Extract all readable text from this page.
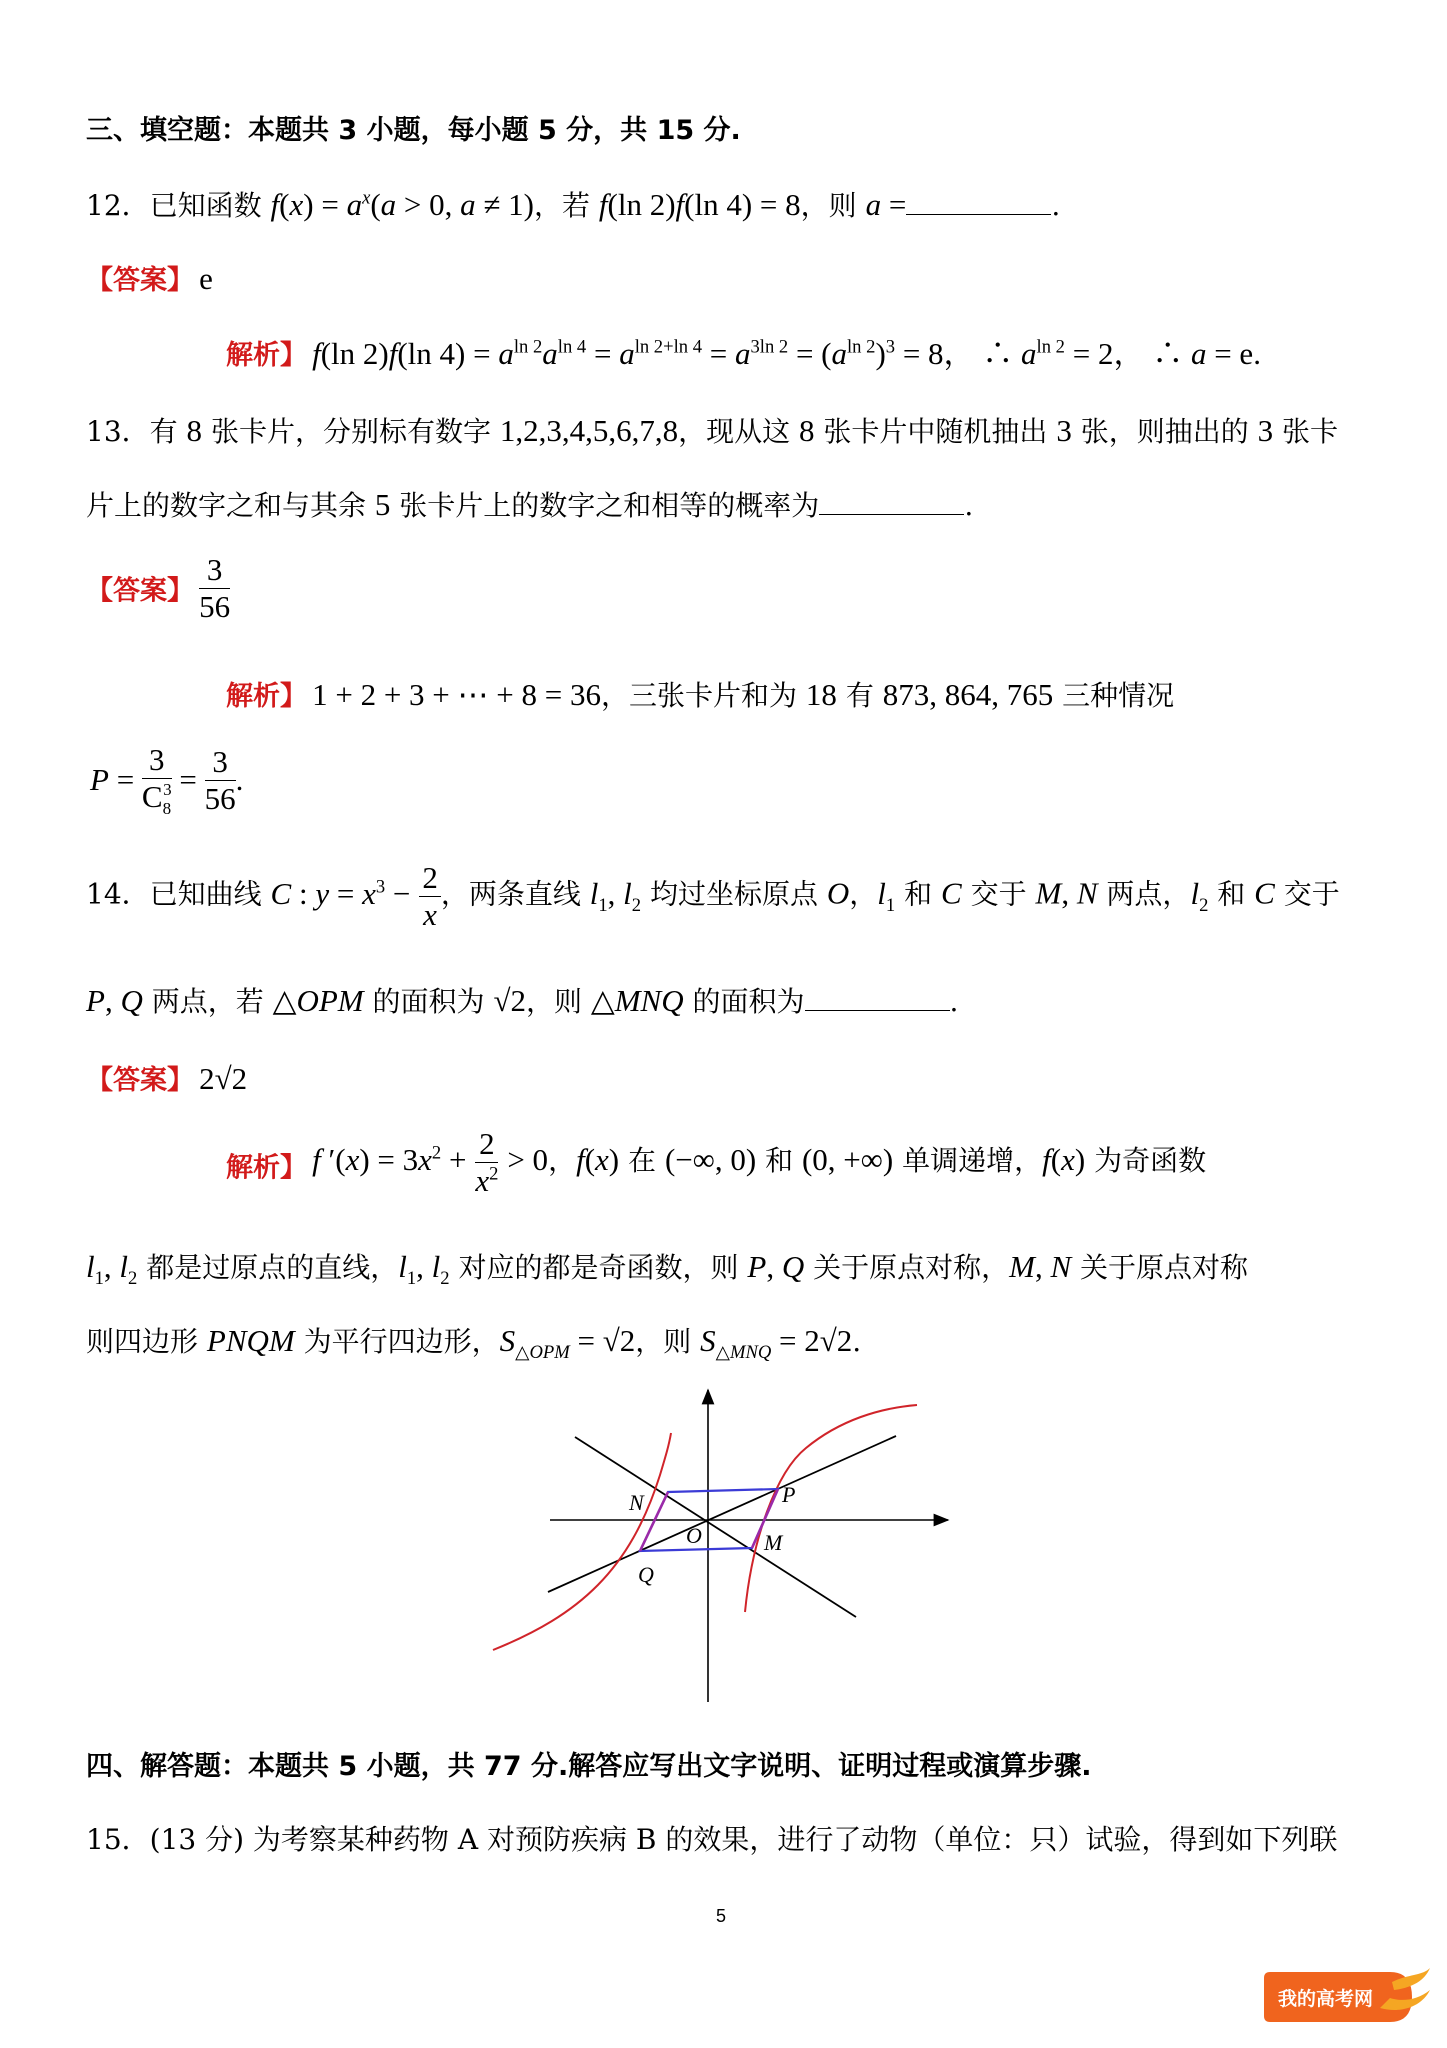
三、填空题：本题共 3 小题，每小题 5 分，共 15 分.
12．已知函数 $f(x) = a^x(a > 0$, a ≠ 1)，若 f(ln 2)f(ln 4) = 8，则 a =	.
【答案】 e
解析】 f(ln 2)f(ln $4) = a^{ln 2}a^{ln 4} = a^{ln 2+ln 4} = a^{3ln 2} = (a^{ln 2})^3 = 8$， ∴ $a^{ln 2} = 2$， ∴ a = e.
13．有 8 张卡片，分别标有数字 1,2,3,4,5,6,7,8，现从这 8 张卡片中随机抽出 3 张，则抽出的 3 张卡
片上的数字之和与其余 5 张卡片上的数字之和相等的概率为	.
【答案】 $\frac{3}{56}$
解析】 1 + 2 + 3 + ⋯ + 8 = 36，三张卡片和为 18 有 873, 864, 765 三种情况
$P = \frac{3}{C_8^3} = \frac{3}{56}$ .
14．已知曲线 C : $y = x^3 - \frac{2}{x}$ ，两条直线 $l_1$, $l_2$ 均过坐标原点 O，$l_1$ 和 C 交于 M, N 两点，$l_2$ 和 C 交于
P, Q 两点，若 △OPM 的面积为 √2，则 △MNQ 的面积为	.
【答案】 2√2
解析】 f $'(x) = 3x^2 + \frac{2}{x^2} > 0$，f(x) 在 (−∞, 0) 和 (0, +∞) 单调递增，f(x) 为奇函数
$l_1$, $l_2$ 都是过原点的直线，$l_1$, $l_2$ 对应的都是奇函数，则 P, Q 关于原点对称，M, N 关于原点对称
则四边形 PNQM 为平行四边形，$S_{\triangle OPM} = √2$，则 $S_{\triangle MNQ} = 2√2$.
N	P
O	M
Q
四、解答题：本题共 5 小题，共 77 分.解答应写出文字说明、证明过程或演算步骤.
15．(13 分) 为考察某种药物 A 对预防疾病 B 的效果，进行了动物（单位：只）试验，得到如下列联
5
我的高考网
